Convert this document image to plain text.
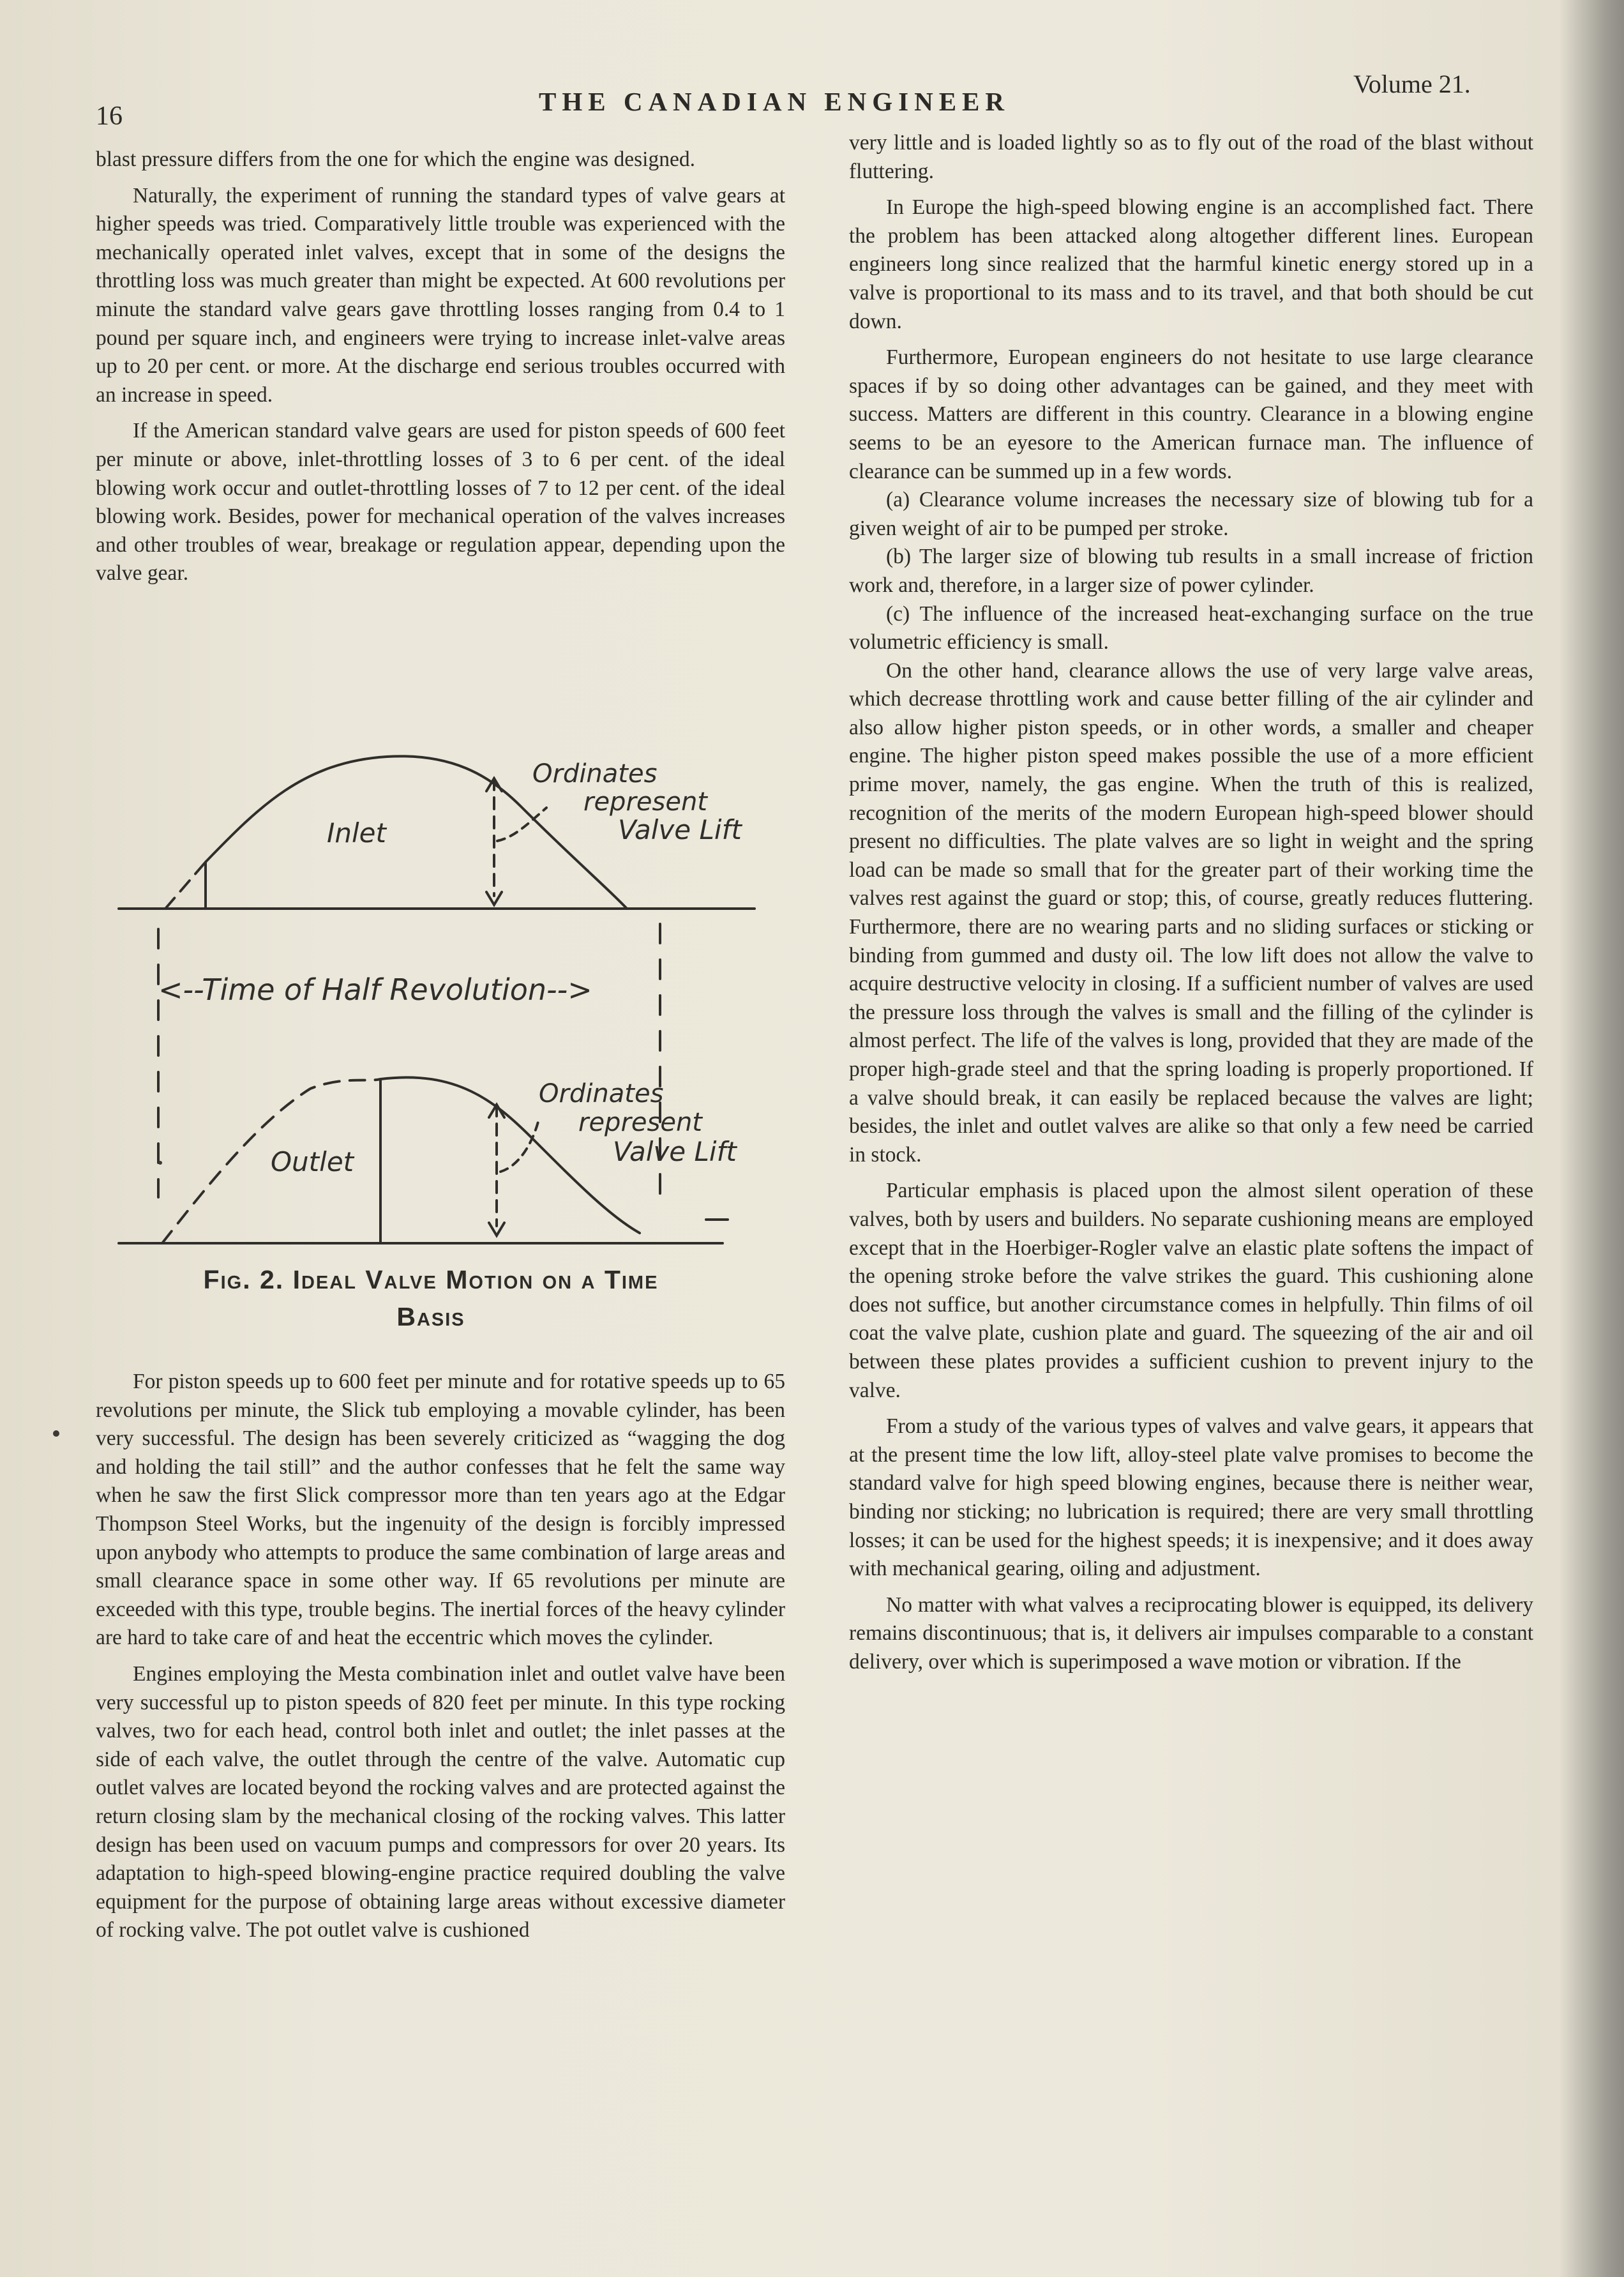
16	THE CANADIAN ENGINEER
Volume 21.

blast pressure differs from the one for which the engine was designed.

Naturally, the experiment of running the standard types of valve gears at higher speeds was tried. Comparatively little trouble was experienced with the mechanically operated inlet valves, except that in some of the designs the throttling loss was much greater than might be expected. At 600 revolutions per minute the standard valve gears gave throttling losses ranging from 0.4 to 1 pound per square inch, and engineers were trying to increase inlet-valve areas up to 20 per cent. or more. At the discharge end serious troubles occurred with an increase in speed.

If the American standard valve gears are used for piston speeds of 600 feet per minute or above, inlet-throttling losses of 3 to 6 per cent. of the ideal blowing work occur and outlet-throttling losses of 7 to 12 per cent. of the ideal blowing work. Besides, power for mechanical operation of the valves increases and other troubles of wear, breakage or regulation appear, depending upon the valve gear.

Inlet
Ordinates
represent
Valve Lift
<--Time of Half Revolution-->
Outlet
Ordinates
represent
Valve Lift
Fig. 2. Ideal Valve Motion on a Time
Basis

For piston speeds up to 600 feet per minute and for rotative speeds up to 65 revolutions per minute, the Slick tub employing a movable cylinder, has been very successful. The design has been severely criticized as “wagging the dog and holding the tail still” and the author confesses that he felt the same way when he saw the first Slick compressor more than ten years ago at the Edgar Thompson Steel Works, but the ingenuity of the design is forcibly impressed upon anybody who attempts to produce the same combination of large areas and small clearance space in some other way. If 65 revolutions per minute are exceeded with this type, trouble begins. The inertial forces of the heavy cylinder are hard to take care of and heat the eccentric which moves the cylinder.

Engines employing the Mesta combination inlet and outlet valve have been very successful up to piston speeds of 820 feet per minute. In this type rocking valves, two for each head, control both inlet and outlet; the inlet passes at the side of each valve, the outlet through the centre of the valve. Automatic cup outlet valves are located beyond the rocking valves and are protected against the return closing slam by the mechanical closing of the rocking valves. This latter design has been used on vacuum pumps and compressors for over 20 years. Its adaptation to high-speed blowing-engine practice required doubling the valve equipment for the purpose of obtaining large areas without excessive diameter of rocking valve. The pot outlet valve is cushioned

very little and is loaded lightly so as to fly out of the road of the blast without fluttering.

In Europe the high-speed blowing engine is an accomplished fact. There the problem has been attacked along altogether different lines. European engineers long since realized that the harmful kinetic energy stored up in a valve is proportional to its mass and to its travel, and that both should be cut down.

Furthermore, European engineers do not hesitate to use large clearance spaces if by so doing other advantages can be gained, and they meet with success. Matters are different in this country. Clearance in a blowing engine seems to be an eyesore to the American furnace man. The influence of clearance can be summed up in a few words.

(a) Clearance volume increases the necessary size of blowing tub for a given weight of air to be pumped per stroke.

(b) The larger size of blowing tub results in a small increase of friction work and, therefore, in a larger size of power cylinder.

(c) The influence of the increased heat-exchanging surface on the true volumetric efficiency is small.

On the other hand, clearance allows the use of very large valve areas, which decrease throttling work and cause better filling of the air cylinder and also allow higher piston speeds, or in other words, a smaller and cheaper engine. The higher piston speed makes possible the use of a more efficient prime mover, namely, the gas engine. When the truth of this is realized, recognition of the merits of the modern European high-speed blower should present no difficulties. The plate valves are so light in weight and the spring load can be made so small that for the greater part of their working time the valves rest against the guard or stop; this, of course, greatly reduces fluttering. Furthermore, there are no wearing parts and no sliding surfaces or sticking or binding from gummed and dusty oil. The low lift does not allow the valve to acquire destructive velocity in closing. If a sufficient number of valves are used the pressure loss through the valves is small and the filling of the cylinder is almost perfect. The life of the valves is long, provided that they are made of the proper high-grade steel and that the spring loading is properly proportioned. If a valve should break, it can easily be replaced because the valves are light; besides, the inlet and outlet valves are alike so that only a few need be carried in stock.

Particular emphasis is placed upon the almost silent operation of these valves, both by users and builders. No separate cushioning means are employed except that in the Hoerbiger-Rogler valve an elastic plate softens the impact of the opening stroke before the valve strikes the guard. This cushioning alone does not suffice, but another circumstance comes in helpfully. Thin films of oil coat the valve plate, cushion plate and guard. The squeezing of the air and oil between these plates provides a sufficient cushion to prevent injury to the valve.

From a study of the various types of valves and valve gears, it appears that at the present time the low lift, alloy-steel plate valve promises to become the standard valve for high speed blowing engines, because there is neither wear, binding nor sticking; no lubrication is required; there are very small throttling losses; it can be used for the highest speeds; it is inexpensive; and it does away with mechanical gearing, oiling and adjustment.

No matter with what valves a reciprocating blower is equipped, its delivery remains discontinuous; that is, it delivers air impulses comparable to a constant delivery, over which is superimposed a wave motion or vibration. If the
